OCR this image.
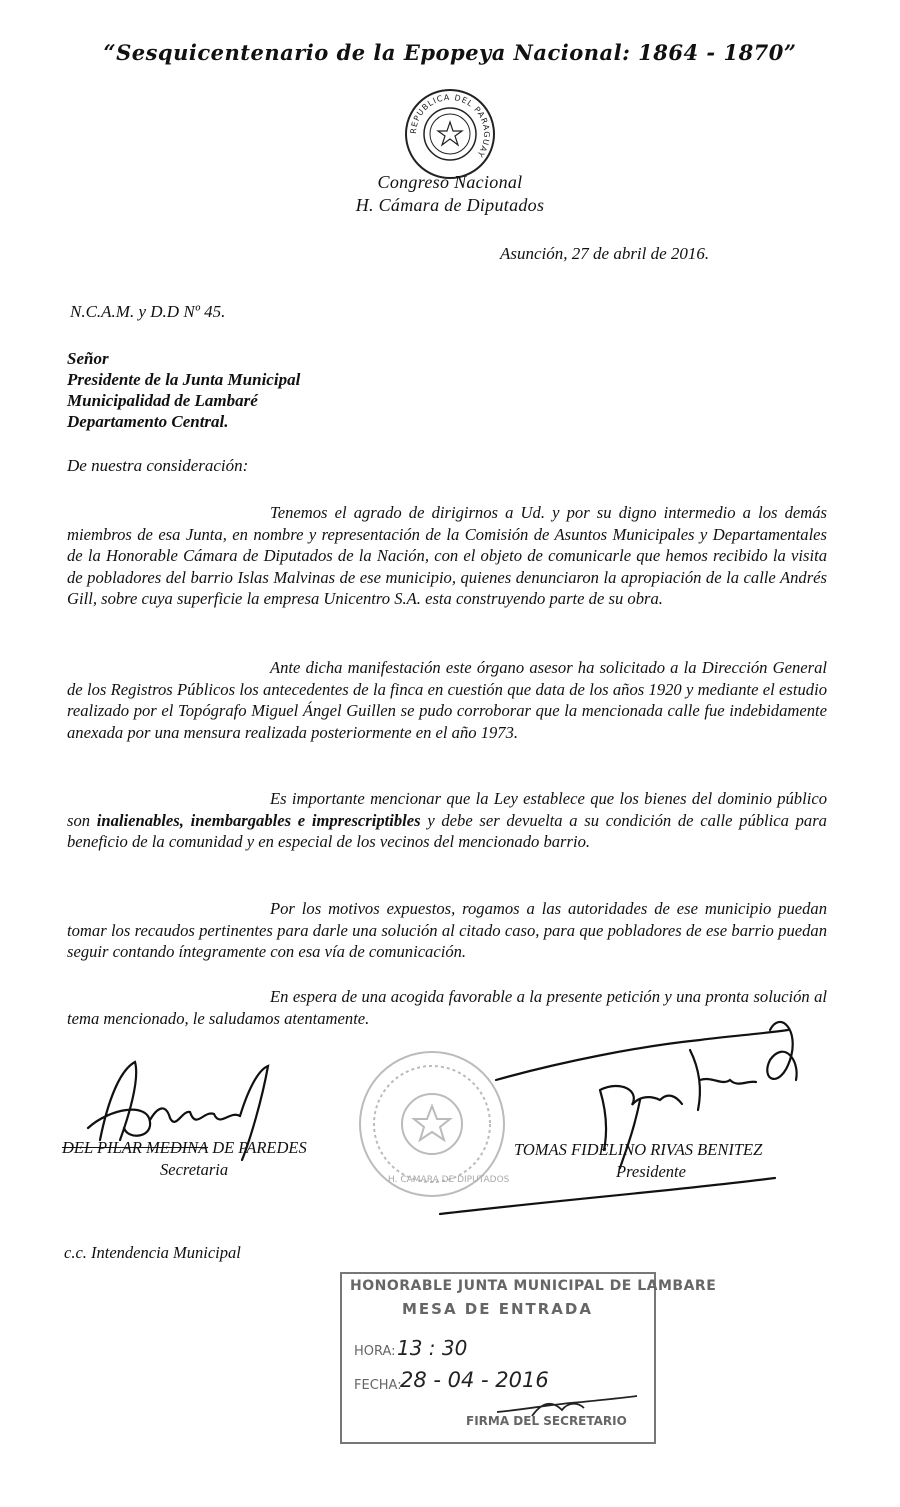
“Sesquicentenario de la Epopeya Nacional: 1864 - 1870”
REPUBLICA DEL PARAGUAY
Congreso Nacional
H. Cámara de Diputados
Asunción, 27 de abril de 2016.
N.C.A.M. y D.D Nº 45.
Señor
Presidente de la Junta Municipal
Municipalidad de Lambaré
Departamento Central.
De nuestra consideración:

Tenemos el agrado de dirigirnos a Ud. y por su digno intermedio a los demás miembros de esa Junta, en nombre y representación de la Comisión de Asuntos Municipales y Departamentales de la Honorable Cámara de Diputados de la Nación, con el objeto de comunicarle que hemos recibido la visita de pobladores del barrio Islas Malvinas de ese municipio, quienes denunciaron la apropiación de la calle Andrés Gill, sobre cuya superficie la empresa Unicentro S.A. esta construyendo parte de su obra.

Ante dicha manifestación este órgano asesor ha solicitado a la Dirección General de los Registros Públicos los antecedentes de la finca en cuestión que data de los años 1920 y mediante el estudio realizado por el Topógrafo Miguel Ángel Guillen se pudo corroborar que la mencionada calle fue indebidamente anexada por una mensura realizada posteriormente en el año 1973.

Es importante mencionar que la Ley establece que los bienes del dominio público son inalienables, inembargables e imprescriptibles y debe ser devuelta a su condición de calle pública para beneficio de la comunidad y en especial de los vecinos del mencionado barrio.

Por los motivos expuestos, rogamos a las autoridades de ese municipio puedan tomar los recaudos pertinentes para darle una solución al citado caso, para que pobladores de ese barrio puedan seguir contando íntegramente con esa vía de comunicación.

En espera de una acogida favorable a la presente petición y una pronta solución al tema mencionado, le saludamos atentamente.

H. CAMARA DE DIPUTADOS
DEL PILAR MEDINA DE PAREDES
Secretaria
TOMAS FIDELINO RIVAS BENITEZ
Presidente
c.c. Intendencia Municipal
HONORABLE JUNTA MUNICIPAL DE LAMBARE
MESA DE ENTRADA
HORA: 13 : 30
FECHA:
28 - 04 - 2016
FIRMA DEL SECRETARIO
